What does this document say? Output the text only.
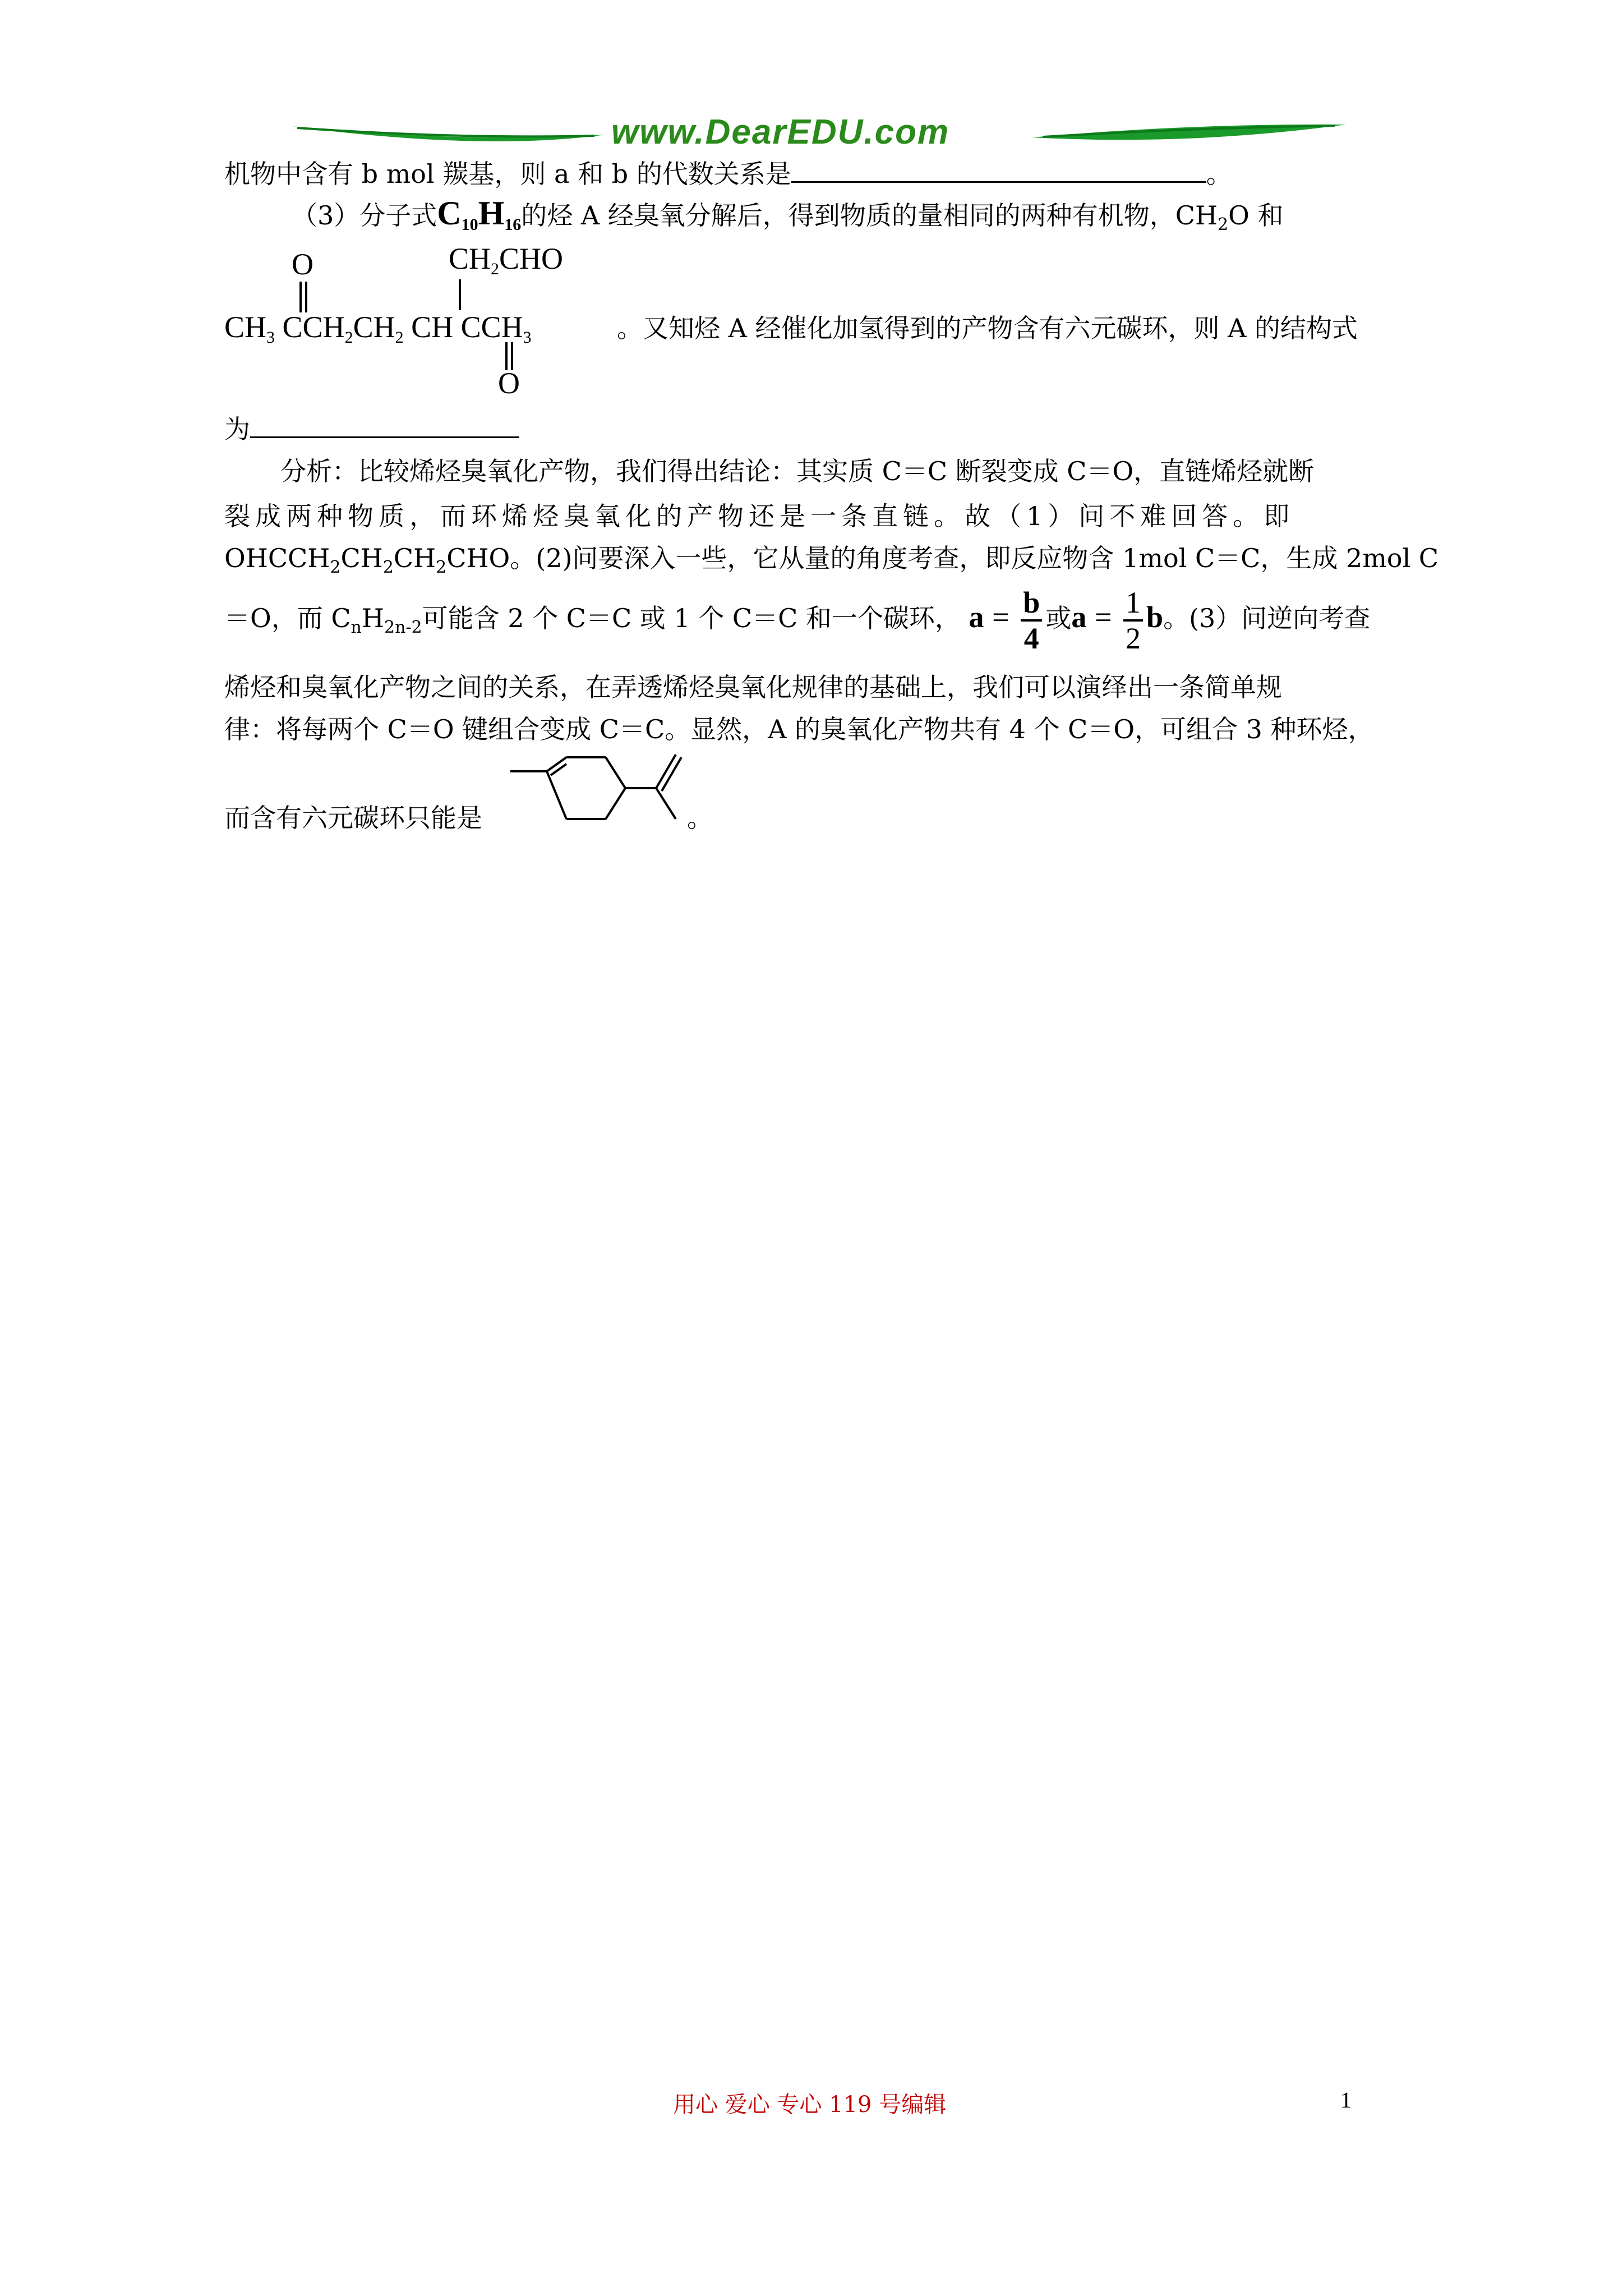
www.DearEDU.com
机物中含有 b mol 羰基，则 a 和 b 的代数关系是	。
（3）分子式$C_{10}H_{16}$的烃 A 经臭氧分解后，得到物质的量相同的两种有机物，$CH_2O$ 和
O	$CH_2CHO$
$CH_3$ $CCH_2CH_2$ CH $CCH_3$
O
。又知烃 A 经催化加氢得到的产物含有六元碳环，则 A 的结构式
为
分析：比较烯烃臭氧化产物，我们得出结论：其实质 C＝C 断裂变成 C＝O，直链烯烃就断
裂成两种物质，而环烯烃臭氧化的产物还是一条直链。故（1）问不难回答。即
$OHCCH_2CH_2CH_2CHO$。(2)问要深入一些，它从量的角度考查，即反应物含 1mol C＝C，生成 2mol C
＝O，而 $C_nH_{2n-2}$可能含 2 个 C＝C 或 1 个 C＝C 和一个碳环， $a = \frac{b}{4}$ 或$a = \frac{1}{2}$ b。(3）问逆向考查
烯烃和臭氧化产物之间的关系，在弄透烯烃臭氧化规律的基础上，我们可以演绎出一条简单规
律：将每两个 C＝O 键组合变成 C＝C。显然，A 的臭氧化产物共有 4 个 C＝O，可组合 3 种环烃，
而含有六元碳环只能是	。
用心 爱心 专心 119 号编辑	1
